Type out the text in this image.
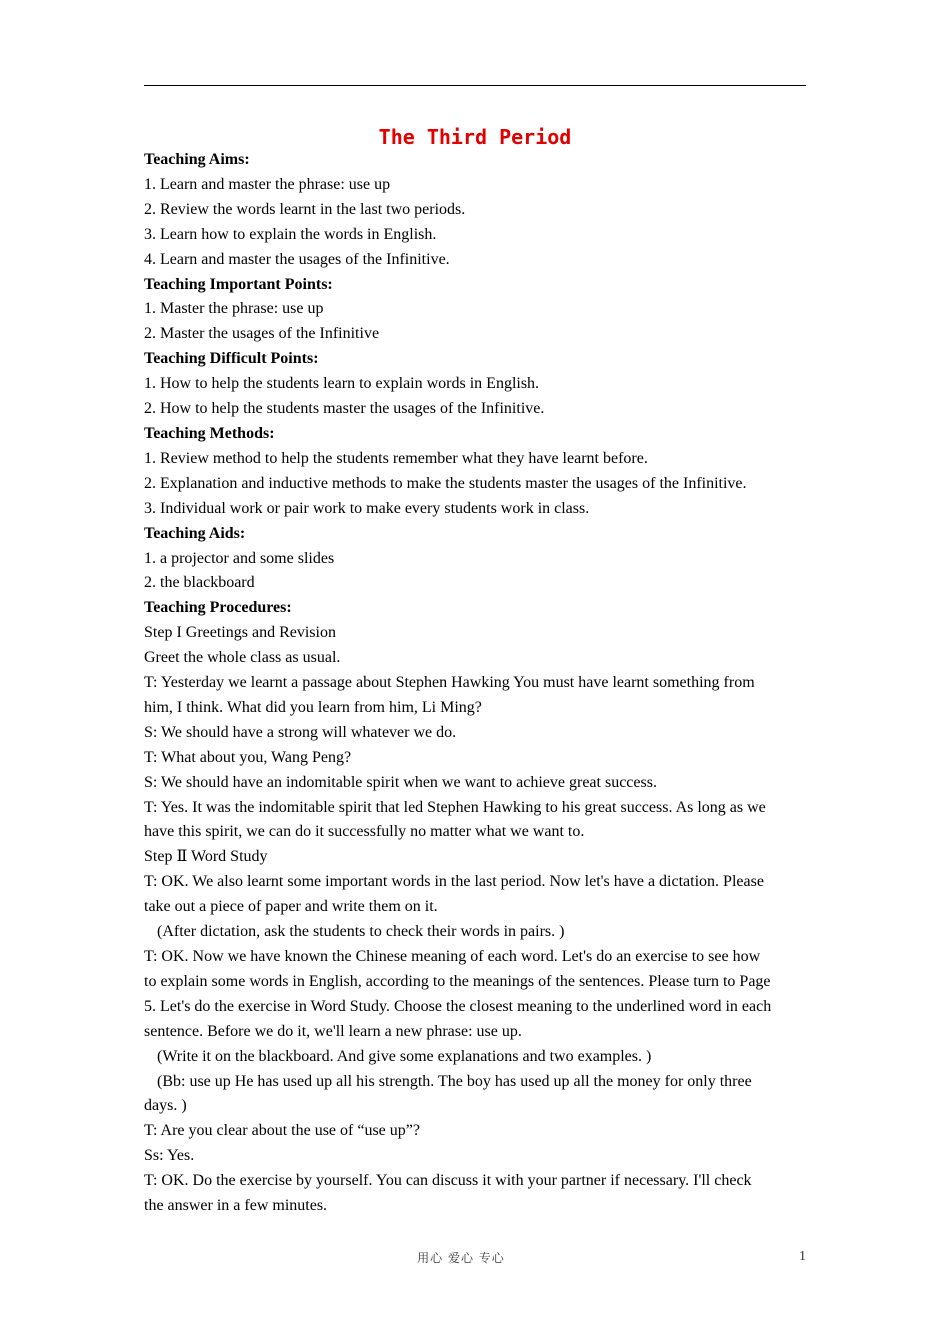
The Third Period
Teaching Aims:
1. Learn and master the phrase: use up
2. Review the words learnt in the last two periods.
3. Learn how to explain the words in English.
4. Learn and master the usages of the Infinitive.
Teaching Important Points:
1. Master the phrase: use up
2. Master the usages of the Infinitive
Teaching Difficult Points:
1. How to help the students learn to explain words in English.
2. How to help the students master the usages of the Infinitive.
Teaching Methods:
1. Review method to help the students remember what they have learnt before.
2. Explanation and inductive methods to make the students master the usages of the Infinitive.
3. Individual work or pair work to make every students work in class.
Teaching Aids:
1. a projector and some slides
2. the blackboard
Teaching Procedures:
Step I Greetings and Revision
Greet the whole class as usual.
T: Yesterday we learnt a passage about Stephen Hawking You must have learnt something from
him, I think. What did you learn from him, Li Ming?
S: We should have a strong will whatever we do.
T: What about you, Wang Peng?
S: We should have an indomitable spirit when we want to achieve great success.
T: Yes. It was the indomitable spirit that led Stephen Hawking to his great success. As long as we
have this spirit, we can do it successfully no matter what we want to.
Step Ⅱ Word Study
T: OK. We also learnt some important words in the last period. Now let's have a dictation. Please
take out a piece of paper and write them on it.
(After dictation, ask the students to check their words in pairs. )
T: OK. Now we have known the Chinese meaning of each word. Let's do an exercise to see how
to explain some words in English, according to the meanings of the sentences. Please turn to Page
5. Let's do the exercise in Word Study. Choose the closest meaning to the underlined word in each
sentence. Before we do it, we'll learn a new phrase: use up.
(Write it on the blackboard. And give some explanations and two examples. )
(Bb: use up He has used up all his strength. The boy has used up all the money for only three
days. )
T: Are you clear about the use of “use up”?
Ss: Yes.
T: OK. Do the exercise by yourself. You can discuss it with your partner if necessary. I'll check
the answer in a few minutes.
用心 爱心 专心	1
